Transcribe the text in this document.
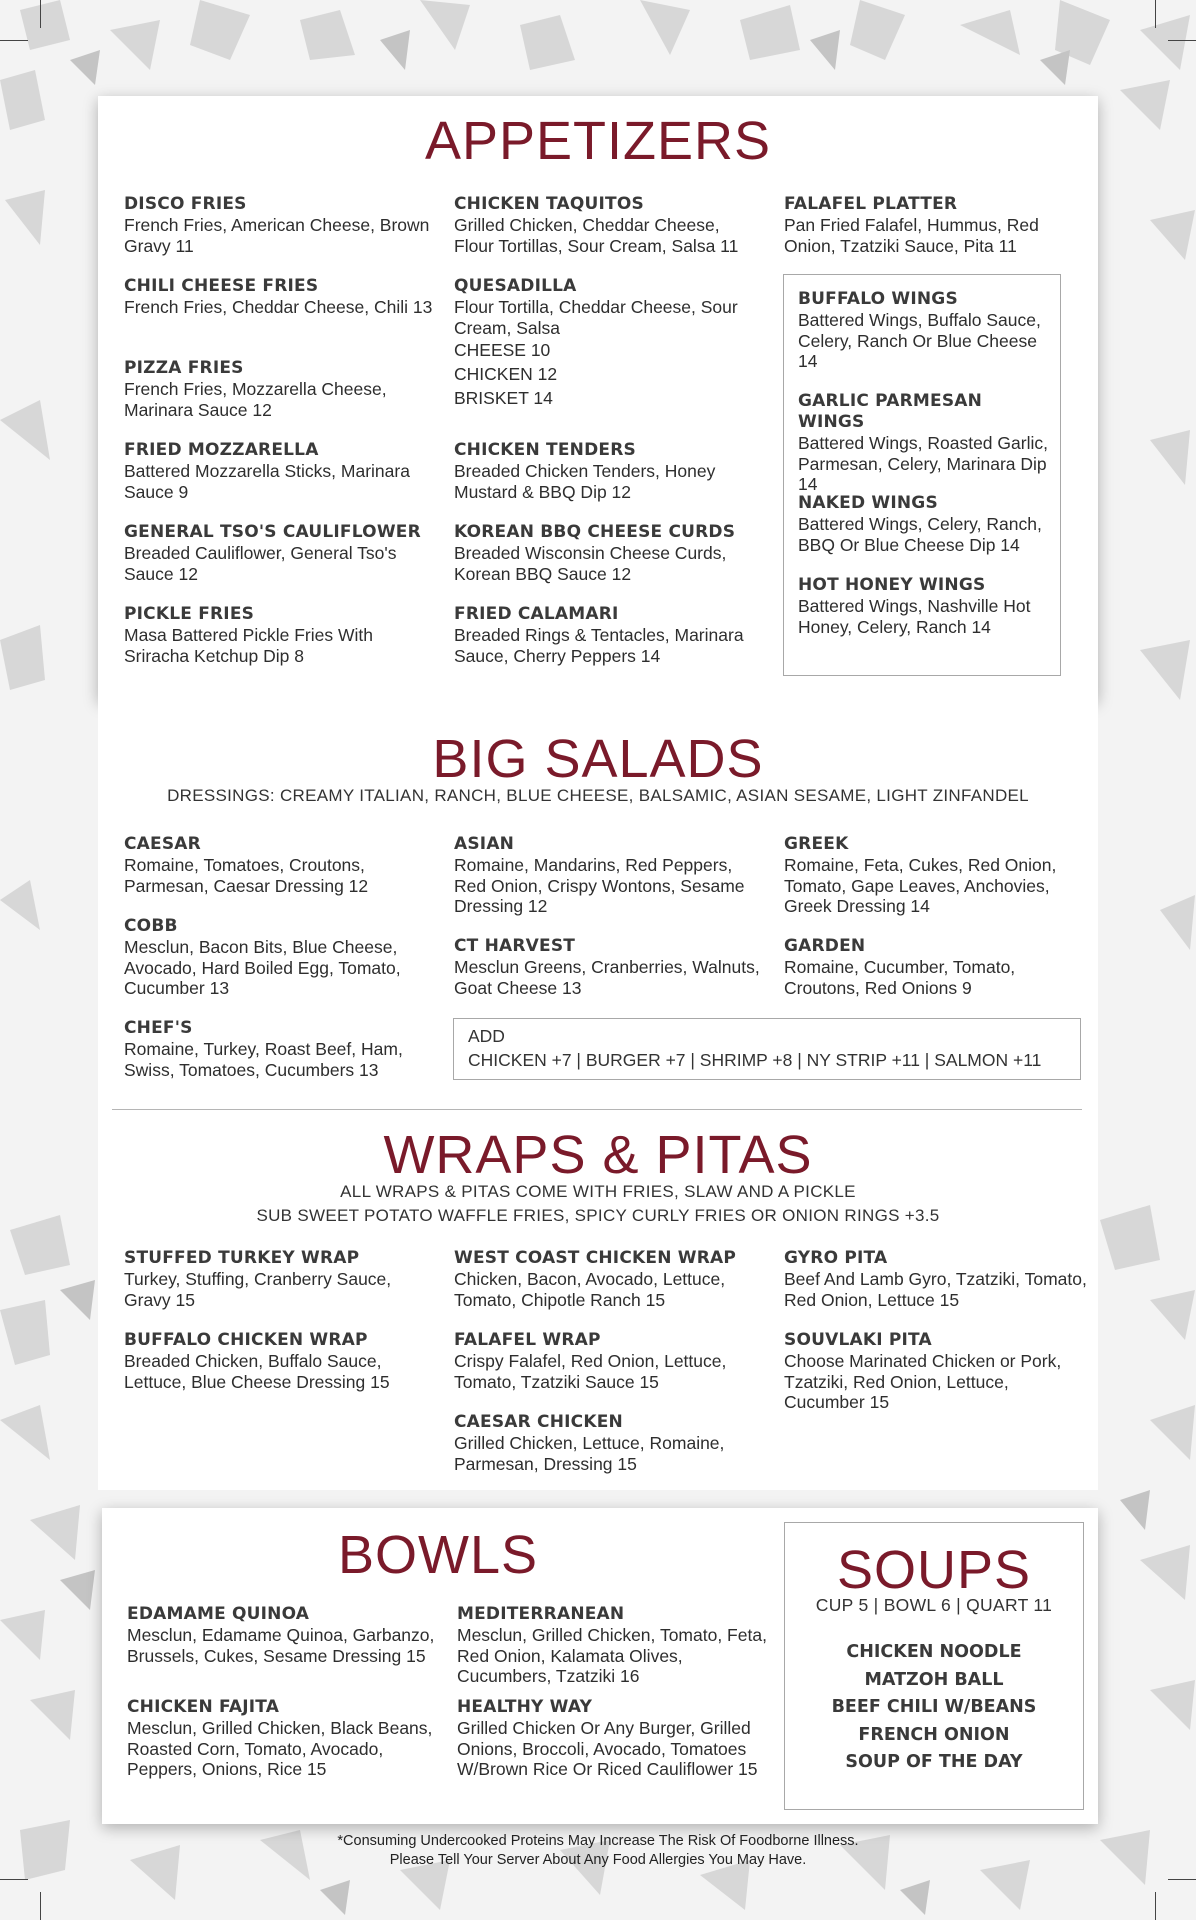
APPETIZERS
DISCO FRIES
French Fries, American Cheese, Brown Gravy 11
CHILI CHEESE FRIES
French Fries, Cheddar Cheese, Chili 13
PIZZA FRIES
French Fries, Mozzarella Cheese, Marinara Sauce 12
FRIED MOZZARELLA
Battered Mozzarella Sticks, Marinara Sauce 9
GENERAL TSO'S CAULIFLOWER
Breaded Cauliflower, General Tso's Sauce 12
PICKLE FRIES
Masa Battered Pickle Fries With Sriracha Ketchup Dip 8
CHICKEN TAQUITOS
Grilled Chicken, Cheddar Cheese, Flour Tortillas, Sour Cream, Salsa 11
QUESADILLA
Flour Tortilla, Cheddar Cheese, Sour Cream, Salsa
CHEESE 10
CHICKEN 12
BRISKET 14
CHICKEN TENDERS
Breaded Chicken Tenders, Honey Mustard & BBQ Dip 12
KOREAN BBQ CHEESE CURDS
Breaded Wisconsin Cheese Curds, Korean BBQ Sauce 12
FRIED CALAMARI
Breaded Rings & Tentacles, Marinara Sauce, Cherry Peppers 14
FALAFEL PLATTER
Pan Fried Falafel, Hummus, Red Onion, Tzatziki Sauce, Pita 11
BUFFALO WINGS
Battered Wings, Buffalo Sauce, Celery, Ranch Or Blue Cheese 14
GARLIC PARMESAN WINGS
Battered Wings, Roasted Garlic, Parmesan, Celery, Marinara Dip 14
NAKED WINGS
Battered Wings, Celery, Ranch, BBQ Or Blue Cheese Dip 14
HOT HONEY WINGS
Battered Wings, Nashville Hot Honey, Celery, Ranch 14
BIG SALADS
DRESSINGS: CREAMY ITALIAN, RANCH, BLUE CHEESE, BALSAMIC, ASIAN SESAME, LIGHT ZINFANDEL
CAESAR
Romaine, Tomatoes, Croutons, Parmesan, Caesar Dressing 12
COBB
Mesclun, Bacon Bits, Blue Cheese, Avocado, Hard Boiled Egg, Tomato, Cucumber 13
CHEF'S
Romaine, Turkey, Roast Beef, Ham, Swiss, Tomatoes, Cucumbers 13
ASIAN
Romaine, Mandarins, Red Peppers, Red Onion, Crispy Wontons, Sesame Dressing 12
CT HARVEST
Mesclun Greens, Cranberries, Walnuts, Goat Cheese 13
GREEK
Romaine, Feta, Cukes, Red Onion, Tomato, Gape Leaves, Anchovies, Greek Dressing 14
GARDEN
Romaine, Cucumber, Tomato, Croutons, Red Onions 9
ADD
CHICKEN +7 | BURGER +7 | SHRIMP +8 | NY STRIP +11 | SALMON +11
WRAPS & PITAS
ALL WRAPS & PITAS COME WITH FRIES, SLAW AND A PICKLE
SUB SWEET POTATO WAFFLE FRIES, SPICY CURLY FRIES OR ONION RINGS +3.5
STUFFED TURKEY WRAP
Turkey, Stuffing, Cranberry Sauce, Gravy 15
BUFFALO CHICKEN WRAP
Breaded Chicken, Buffalo Sauce, Lettuce, Blue Cheese Dressing 15
WEST COAST CHICKEN WRAP
Chicken, Bacon, Avocado, Lettuce, Tomato, Chipotle Ranch 15
FALAFEL WRAP
Crispy Falafel, Red Onion, Lettuce, Tomato, Tzatziki Sauce 15
CAESAR CHICKEN
Grilled Chicken, Lettuce, Romaine, Parmesan, Dressing 15
GYRO PITA
Beef And Lamb Gyro, Tzatziki, Tomato, Red Onion, Lettuce 15
SOUVLAKI PITA
Choose Marinated Chicken or Pork, Tzatziki, Red Onion, Lettuce, Cucumber 15
BOWLS
EDAMAME QUINOA
Mesclun, Edamame Quinoa, Garbanzo, Brussels, Cukes, Sesame Dressing 15
CHICKEN FAJITA
Mesclun, Grilled Chicken, Black Beans, Roasted Corn, Tomato, Avocado, Peppers, Onions, Rice 15
MEDITERRANEAN
Mesclun, Grilled Chicken, Tomato, Feta, Red Onion, Kalamata Olives, Cucumbers, Tzatziki 16
HEALTHY WAY
Grilled Chicken Or Any Burger, Grilled Onions, Broccoli, Avocado, Tomatoes W/Brown Rice Or Riced Cauliflower 15
SOUPS
CUP 5 | BOWL 6 | QUART 11
CHICKEN NOODLE
MATZOH BALL
BEEF CHILI W/BEANS
FRENCH ONION
SOUP OF THE DAY
*Consuming Undercooked Proteins May Increase The Risk Of Foodborne Illness.
Please Tell Your Server About Any Food Allergies You May Have.
